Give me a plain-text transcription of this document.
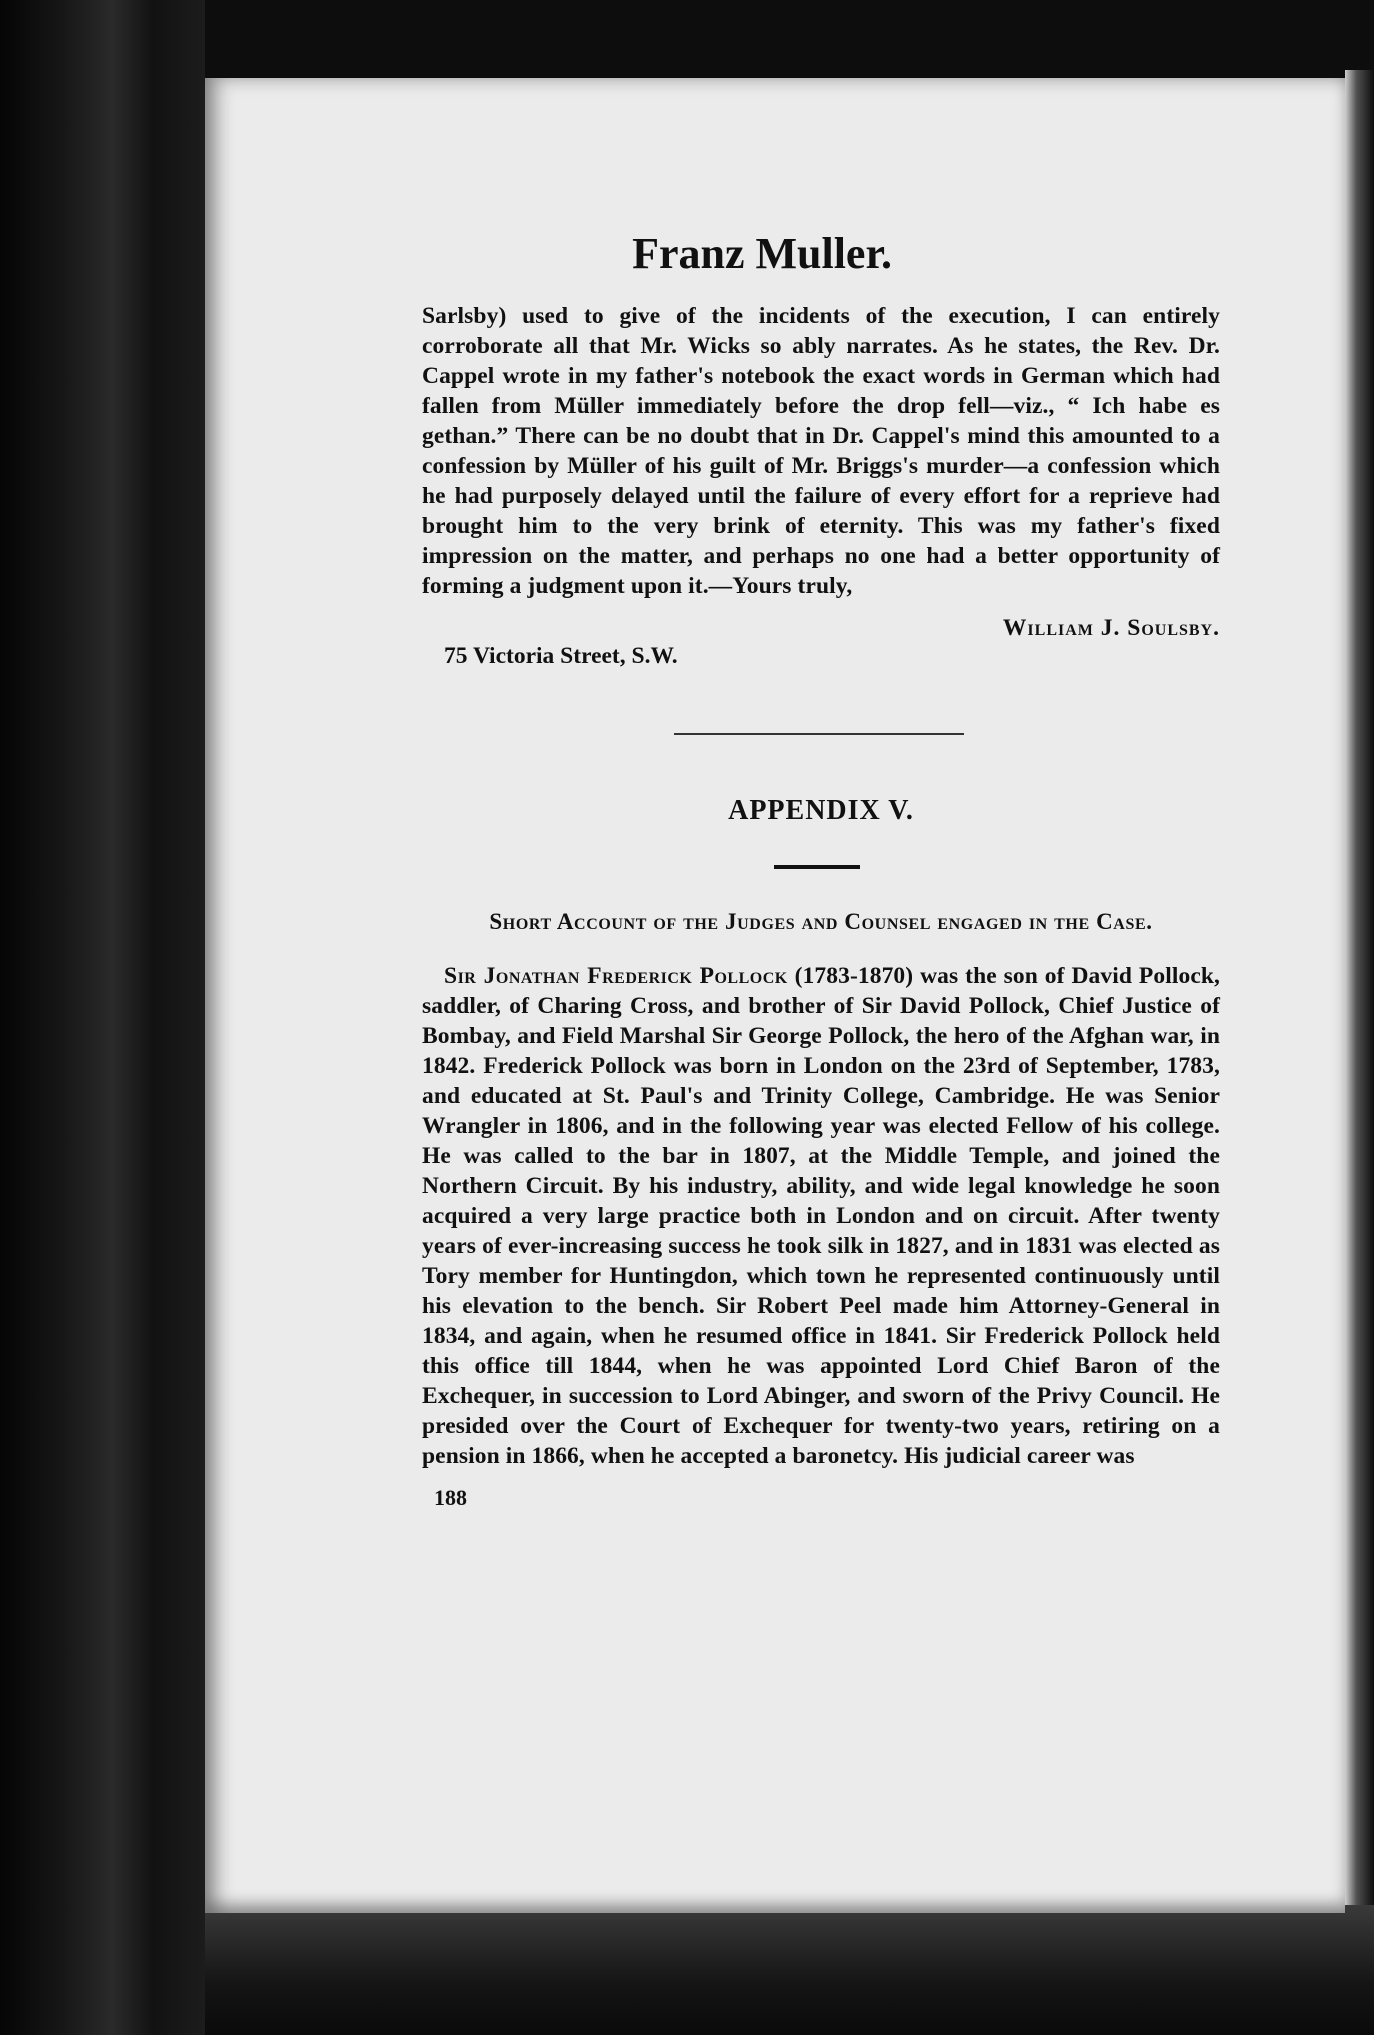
Franz Muller.

Sarlsby) used to give of the incidents of the execution, I can entirely corroborate all that Mr. Wicks so ably narrates. As he states, the Rev. Dr. Cappel wrote in my father's notebook the exact words in German which had fallen from Müller immediately before the drop fell—viz., “ Ich habe es gethan.” There can be no doubt that in Dr. Cappel's mind this amounted to a confession by Müller of his guilt of Mr. Briggs's murder—a confession which he had purposely delayed until the failure of every effort for a reprieve had brought him to the very brink of eternity. This was my father's fixed impression on the matter, and perhaps no one had a better opportunity of forming a judgment upon it.—Yours truly,

William J. Soulsby.
75 Victoria Street, S.W.
APPENDIX V.
Short Account of the Judges and Counsel engaged in the Case.

Sir Jonathan Frederick Pollock (1783-1870) was the son of David Pollock, saddler, of Charing Cross, and brother of Sir David Pollock, Chief Justice of Bombay, and Field Marshal Sir George Pollock, the hero of the Afghan war, in 1842. Frederick Pollock was born in London on the 23rd of September, 1783, and educated at St. Paul's and Trinity College, Cambridge. He was Senior Wrangler in 1806, and in the following year was elected Fellow of his college. He was called to the bar in 1807, at the Middle Temple, and joined the Northern Circuit. By his industry, ability, and wide legal knowledge he soon acquired a very large practice both in London and on circuit. After twenty years of ever-increasing success he took silk in 1827, and in 1831 was elected as Tory member for Huntingdon, which town he represented continuously until his elevation to the bench. Sir Robert Peel made him Attorney-General in 1834, and again, when he resumed office in 1841. Sir Frederick Pollock held this office till 1844, when he was appointed Lord Chief Baron of the Exchequer, in succession to Lord Abinger, and sworn of the Privy Council. He presided over the Court of Exchequer for twenty-two years, retiring on a pension in 1866, when he accepted a baronetcy. His judicial career was

188
